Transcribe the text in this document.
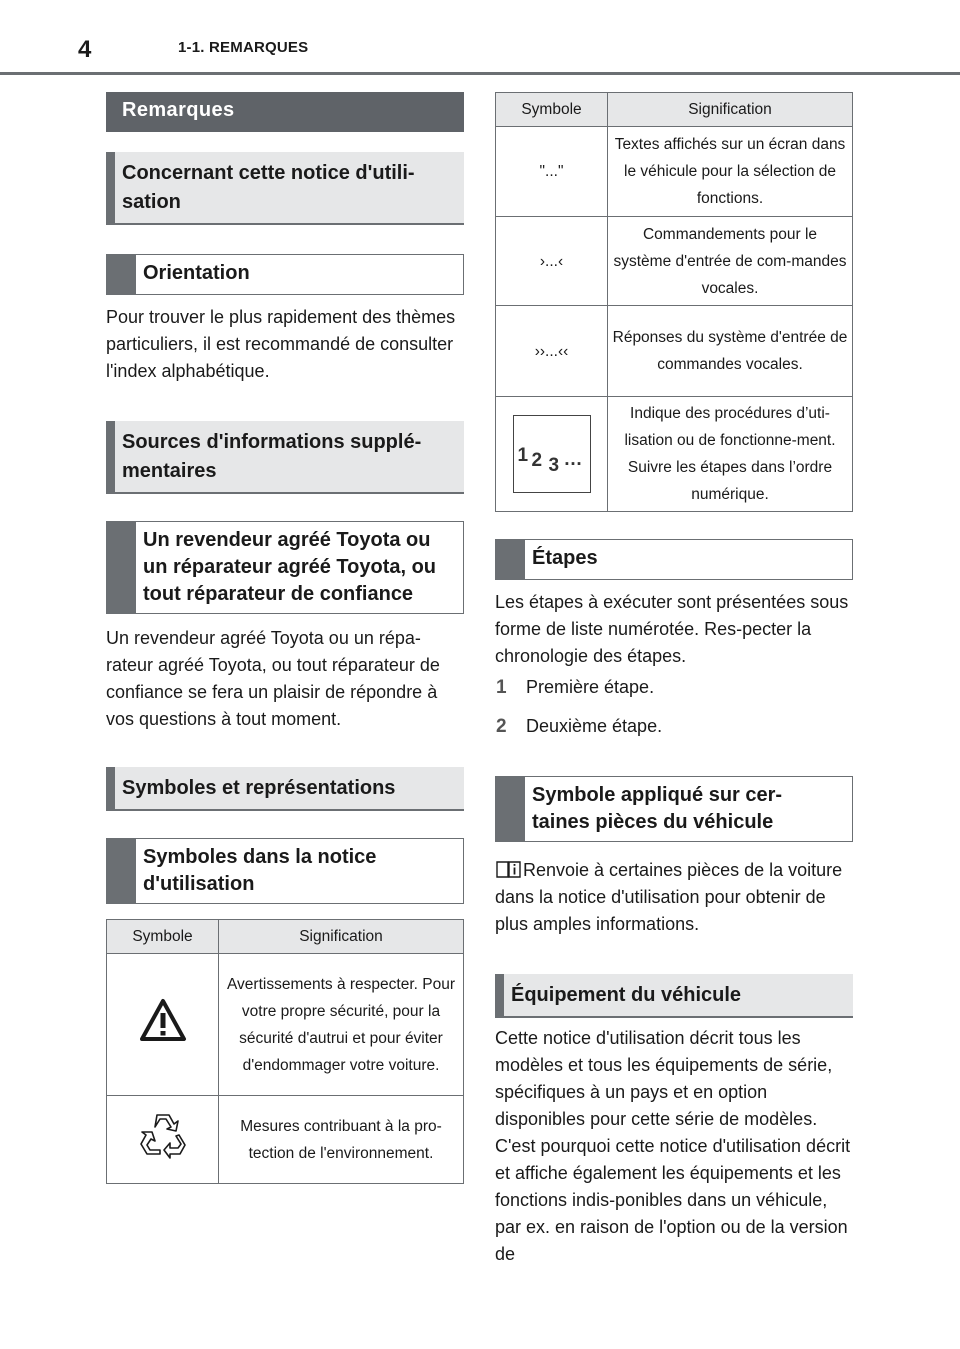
4	1-1. REMARQUES
Remarques
Concernant cette notice d'utili-sation
Orientation

Pour trouver le plus rapidement des thèmes particuliers, il est recommandé de consulter l'index alphabétique.

Sources d'informations supplé-mentaires
Un revendeur agréé Toyota ou un réparateur agréé Toyota, ou tout réparateur de confiance

Un revendeur agréé Toyota ou un répa-rateur agréé Toyota, ou tout réparateur de confiance se fera un plaisir de répondre à vos questions à tout moment.

Symboles et représentations
Symboles dans la notice d'utilisation
Symbole	Signification
	Avertissements à respecter. Pour votre propre sécurité, pour la sécurité d'autrui et pour éviter d'endommager votre voiture.
	Mesures contribuant à la pro-tection de l'environnement.
Symbole	Signification
"..."	Textes affichés sur un écran dans le véhicule pour la sélection de fonctions.
›...‹	Commandements pour le système d'entrée de com-mandes vocales.
››...‹‹	Réponses du système d'entrée de commandes vocales.

1 2 3 …	Indique des procédures d’uti-lisation ou de fonctionne-ment. Suivre les étapes dans l’ordre numérique.
Étapes

Les étapes à exécuter sont présentées sous forme de liste numérotée. Res-pecter la chronologie des étapes.

1	Première étape.
2	Deuxième étape.
Symbole appliqué sur cer-taines pièces du véhicule

Renvoie à certaines pièces de la voiture dans la notice d'utilisation pour obtenir de plus amples informations.

Équipement du véhicule

Cette notice d'utilisation décrit tous les modèles et tous les équipements de série, spécifiques à un pays et en option disponibles pour cette série de modèles. C'est pourquoi cette notice d'utilisation décrit et affiche également les équipements et les fonctions indis-ponibles dans un véhicule, par ex. en raison de l'option ou de la version de
